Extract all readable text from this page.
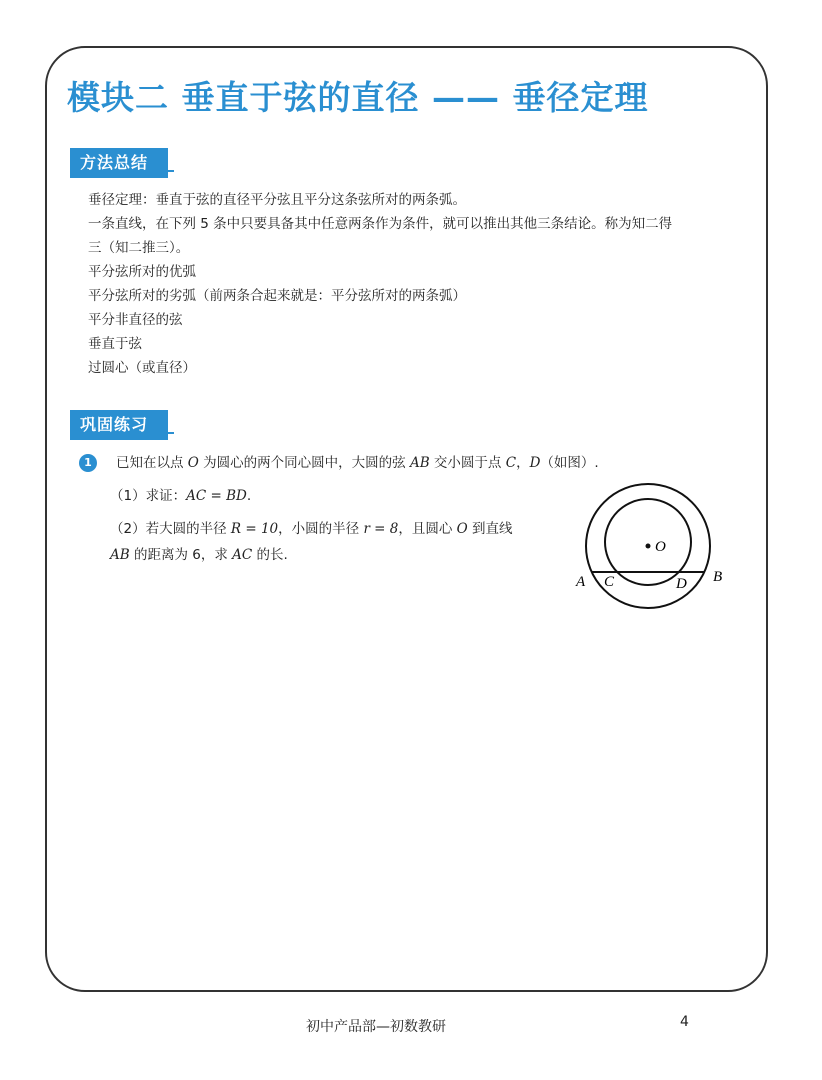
模块二 垂直于弦的直径 —— 垂径定理
方法总结

垂径定理：垂直于弦的直径平分弦且平分这条弦所对的两条弧。

一条直线，在下列 5 条中只要具备其中任意两条作为条件，就可以推出其他三条结论。称为知二得

三（知二推三）。

平分弦所对的优弧

平分弦所对的劣弧（前两条合起来就是：平分弦所对的两条弧）

平分非直径的弦

垂直于弦

过圆心（或直径）

巩固练习
1	已知在以点 O 为圆心的两个同心圆中，大圆的弦 AB 交小圆于点 C，D（如图）.
（1）求证：AC = BD.
（2）若大圆的半径 R = 10，小圆的半径 r = 8，且圆心 O 到直线
AB 的距离为 6，求 AC 的长.	O
A	B
C	D
初中产品部—初数教研	4
